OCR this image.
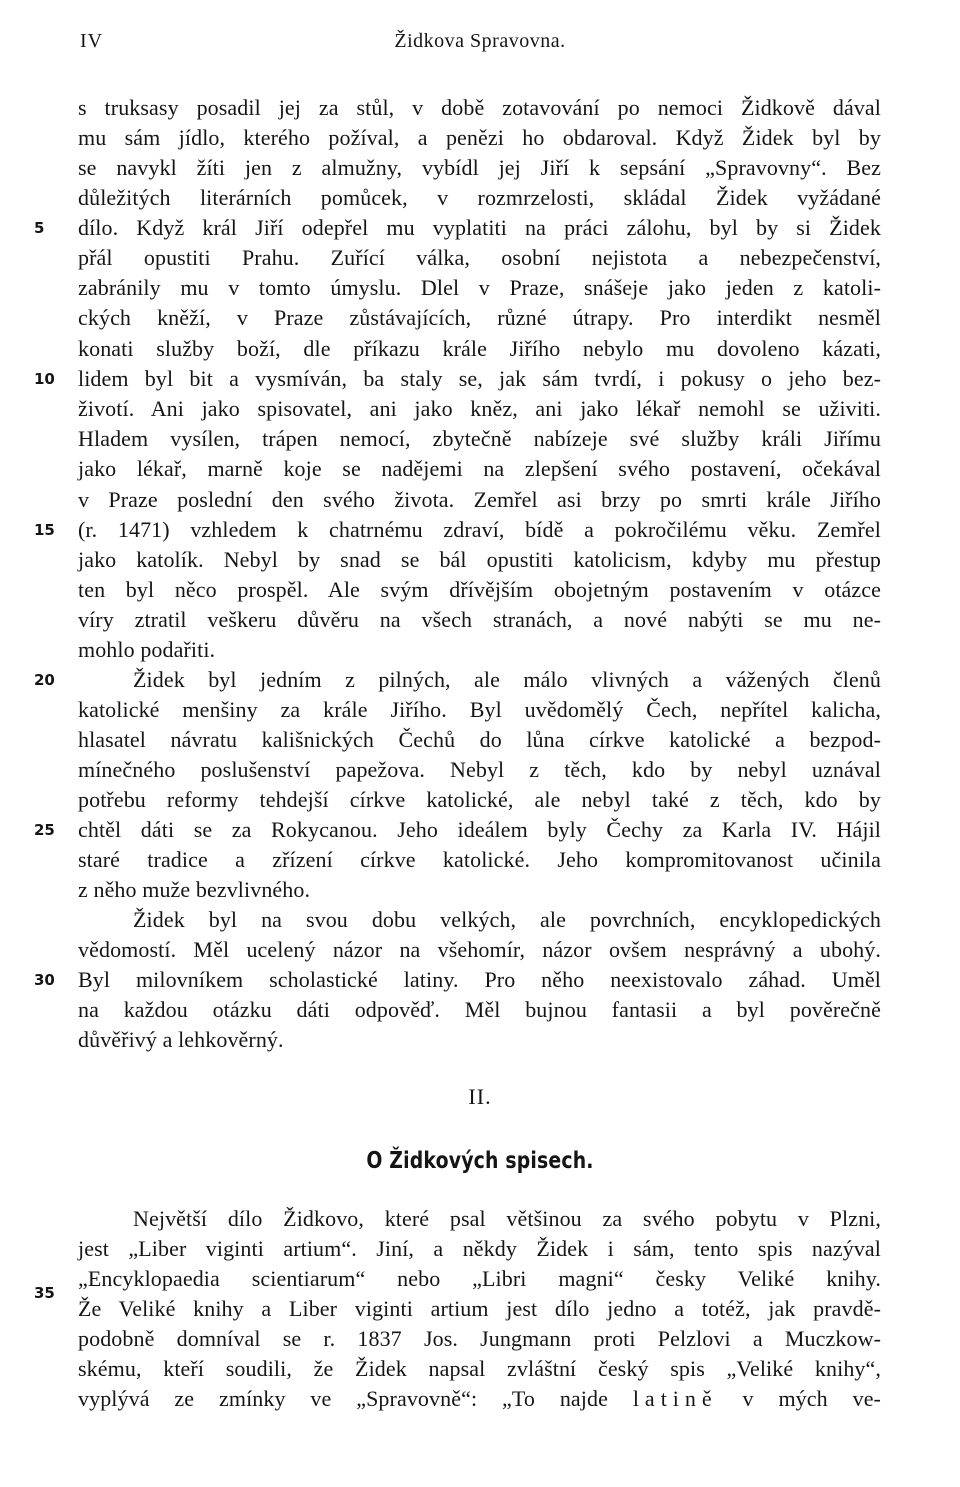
IV	Židkova Spravovna.
5
10
15
20
25
30
35
s truksasy posadil jej za stůl, v době zotavování po nemoci Židkově dával
mu sám jídlo, kterého požíval, a penězi ho obdaroval. Když Židek byl by
se navykl žíti jen z almužny, vybídl jej Jiří k sepsání „Spravovny“. Bez
důležitých literárních pomůcek, v rozmrzelosti, skládal Židek vyžádané
dílo. Když král Jiří odepřel mu vyplatiti na práci zálohu, byl by si Židek
přál opustiti Prahu. Zuřící válka, osobní nejistota a nebezpečenství,
zabránily mu v tomto úmyslu. Dlel v Praze, snášeje jako jeden z katoli-
ckých kněží, v Praze zůstávajících, různé útrapy. Pro interdikt nesměl
konati služby boží, dle příkazu krále Jiřího nebylo mu dovoleno kázati,
lidem byl bit a vysmíván, ba staly se, jak sám tvrdí, i pokusy o jeho bez-
životí. Ani jako spisovatel, ani jako kněz, ani jako lékař nemohl se uživiti.
Hladem vysílen, trápen nemocí, zbytečně nabízeje své služby králi Jiřímu
jako lékař, marně koje se nadějemi na zlepšení svého postavení, očekával
v Praze poslední den svého života. Zemřel asi brzy po smrti krále Jiřího
(r. 1471) vzhledem k chatrnému zdraví, bídě a pokročilému věku. Zemřel
jako katolík. Nebyl by snad se bál opustiti katolicism, kdyby mu přestup
ten byl něco prospěl. Ale svým dřívějším obojetným postavením v otázce
víry ztratil veškeru důvěru na všech stranách, a nové nabýti se mu ne-
mohlo podařiti.
Židek byl jedním z pilných, ale málo vlivných a vážených členů
katolické menšiny za krále Jiřího. Byl uvědomělý Čech, nepřítel kalicha,
hlasatel návratu kališnických Čechů do lůna církve katolické a bezpod-
mínečného poslušenství papežova. Nebyl z těch, kdo by nebyl uznával
potřebu reformy tehdejší církve katolické, ale nebyl také z těch, kdo by
chtěl dáti se za Rokycanou. Jeho ideálem byly Čechy za Karla IV. Hájil
staré tradice a zřízení církve katolické. Jeho kompromitovanost učinila
z něho muže bezvlivného.
Židek byl na svou dobu velkých, ale povrchních, encyklopedických
vědomostí. Měl ucelený názor na všehomír, názor ovšem nesprávný a ubohý.
Byl milovníkem scholastické latiny. Pro něho neexistovalo záhad. Uměl
na každou otázku dáti odpověď. Měl bujnou fantasii a byl pověrečně
důvěřivý a lehkověrný.
II.
O Židkových spisech.
Největší dílo Židkovo, které psal většinou za svého pobytu v Plzni,
jest „Liber viginti artium“. Jiní, a někdy Židek i sám, tento spis nazýval
„Encyklopaedia scientiarum“ nebo „Libri magni“ česky Veliké knihy.
Že Veliké knihy a Liber viginti artium jest dílo jedno a totéž, jak pravdě-
podobně domníval se r. 1837 Jos. Jungmann proti Pelzlovi a Muczkow-
skému, kteří soudili, že Židek napsal zvláštní český spis „Veliké knihy“,
vyplývá ze zmínky ve „Spravovně“: „To najde latině v mých ve-
